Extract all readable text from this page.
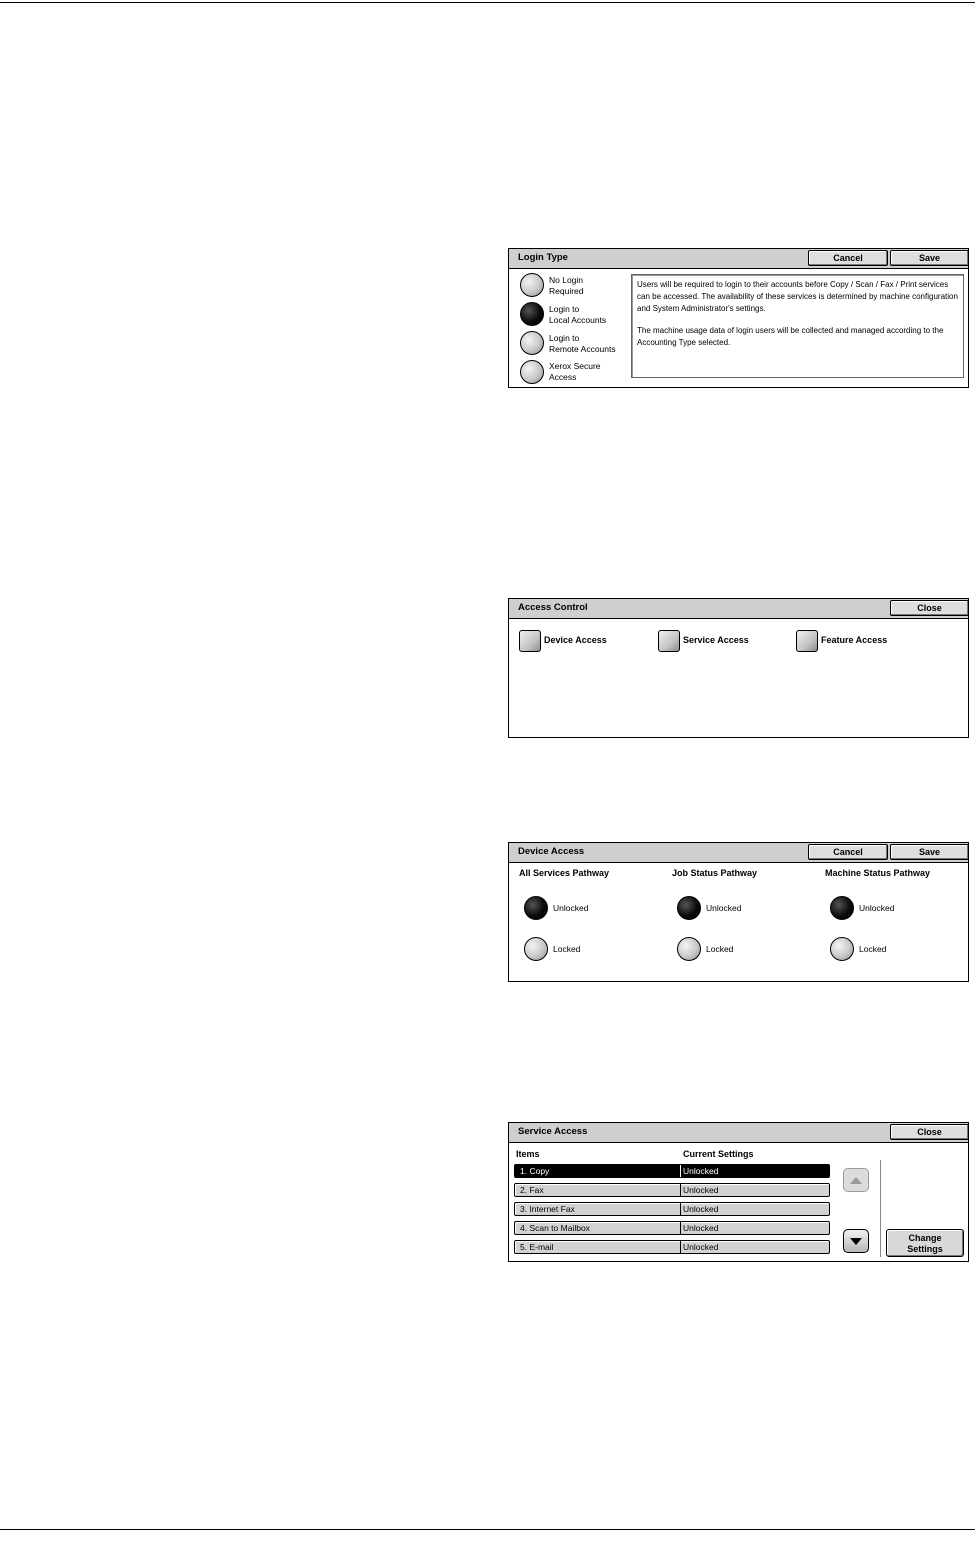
Login Type	Cancel	Save
No Login
Required
Login to
Local Accounts
Login to
Remote Accounts
Xerox Secure
Access

Users will be required to login to their accounts before Copy / Scan / Fax / Print services can be accessed. The availability of these services is determined by machine configuration and System Administrator's settings.

The machine usage data of login users will be collected and managed according to the Accounting Type selected.

Access Control	Close
Device Access	Service Access	Feature Access
Device Access	Cancel	Save
All Services Pathway
Unlocked
Locked
Job Status Pathway
Unlocked
Locked
Machine Status Pathway
Unlocked
Locked
Service Access	Close
Items	Current Settings
1. Copy	Unlocked
2. Fax	Unlocked
3. Internet Fax	Unlocked
4. Scan to Mailbox	Unlocked
5. E-mail	Unlocked
Change
Settings
